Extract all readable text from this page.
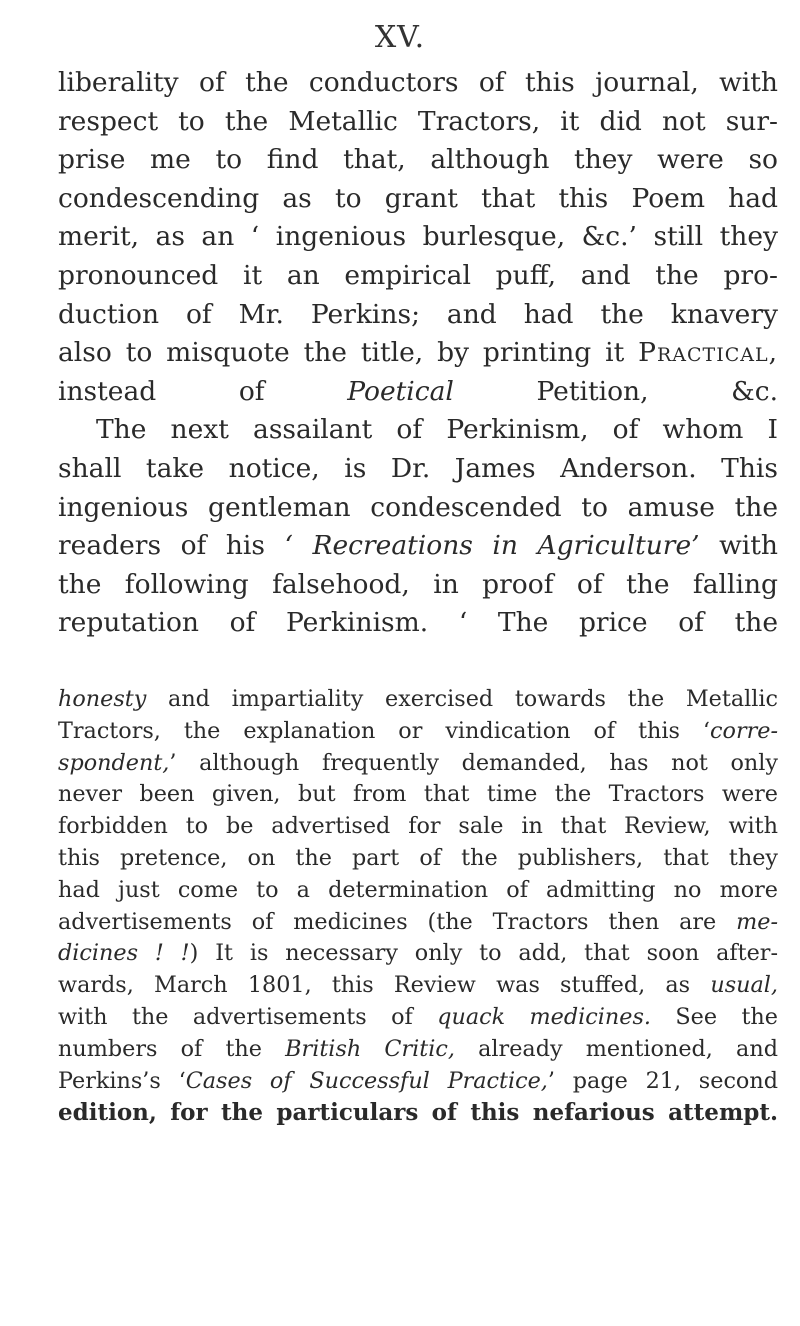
XV.

liberality of the conductors of this journal, with

respect to the Metallic Tractors, it did not sur-

prise me to find that, although they were so

condescending as to grant that this Poem had

merit, as an ‘ ingenious burlesque, &c.’ still they

pronounced it an empirical puff, and the pro-

duction of Mr. Perkins; and had the knavery

also to misquote the title, by printing it Practical,

instead of	Poetical	Petition, &c.

The next assailant of Perkinism, of whom I

shall take notice, is Dr. James Anderson. This

ingenious gentleman condescended to amuse the

readers of his ‘ Recreations in Agriculture’ with

the following falsehood, in proof of the falling

reputation of Perkinism. ‘ The price of the

honesty and impartiality exercised towards the Metallic

Tractors, the explanation or vindication of this ‘corre-

spondent,’ although frequently demanded, has not only

never been given, but from that time the Tractors were

forbidden to be advertised for sale in that Review, with

this pretence, on the part of the publishers, that they

had just come to a determination of admitting no more

advertisements of medicines (the Tractors then are me-

dicines ! !) It is necessary only to add, that soon after-

wards, March 1801, this Review was stuffed, as usual,

with the advertisements of quack medicines. See the

numbers of the British Critic, already mentioned, and

Perkins’s ‘Cases of Successful Practice,’ page 21, second

edition, for the particulars of this nefarious attempt.
